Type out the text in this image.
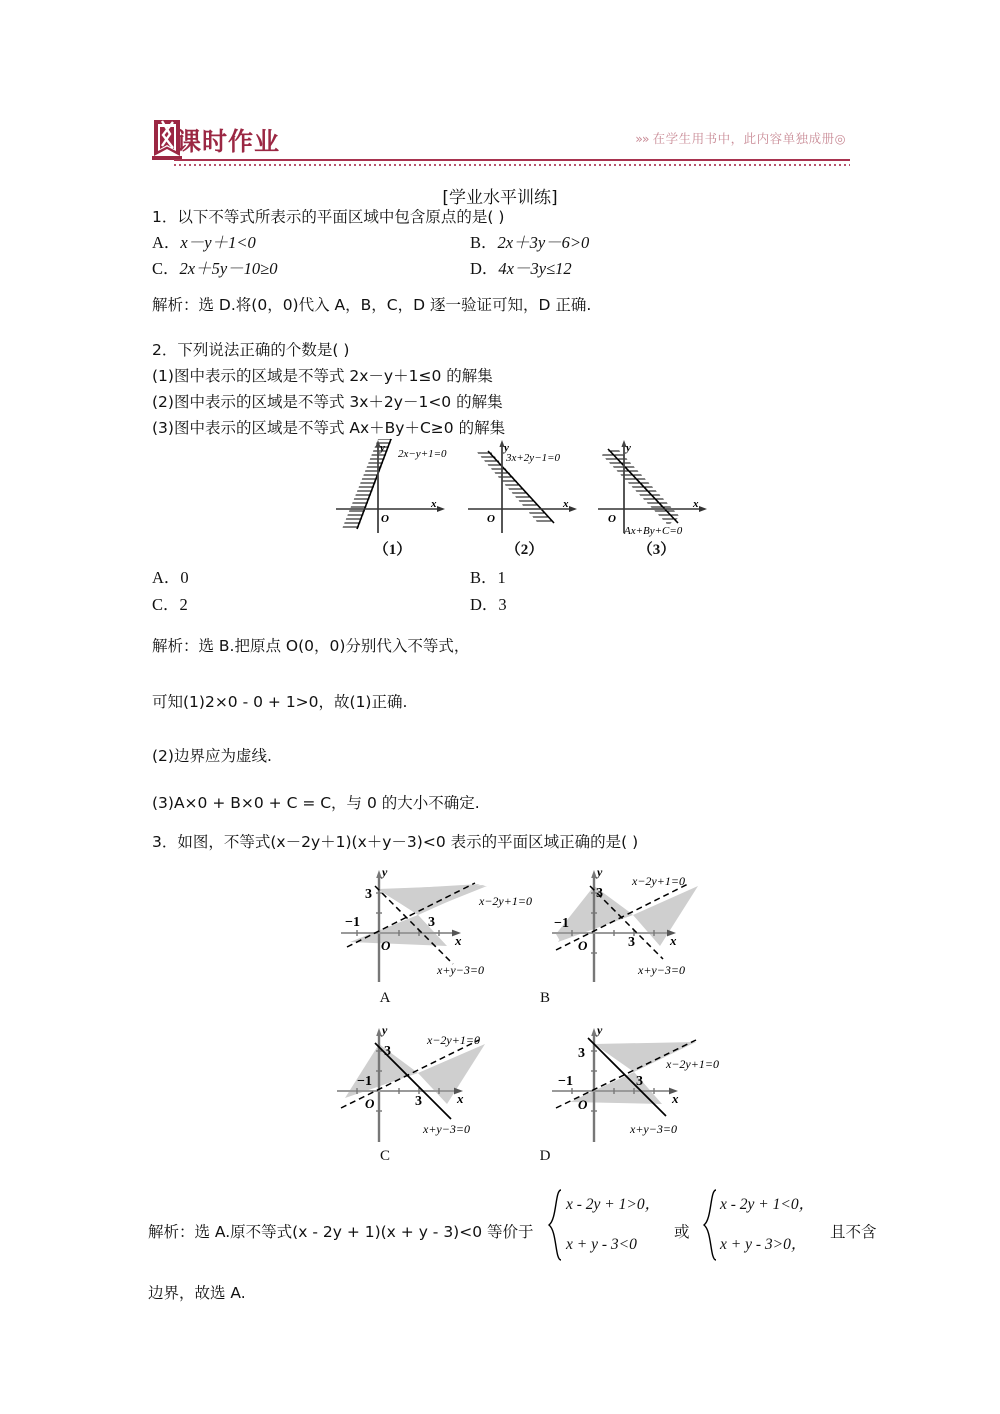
课时作业	»» 在学生用书中，此内容单独成册◎
[学业水平训练]
1．以下不等式所表示的平面区域中包含原点的是( )
A．x－y＋1<0	B．2x＋3y－6>0
C．2x＋5y－10≥0	D．4x－3y≤12
解析：选 D.将(0，0)代入 A，B，C，D 逐一验证可知，D 正确.
2．下列说法正确的个数是( )
(1)图中表示的区域是不等式 2x－y＋1≤0 的解集
(2)图中表示的区域是不等式 3x＋2y－1<0 的解集
(3)图中表示的区域是不等式 Ax＋By＋C≥0 的解集
y
x
O
2x−y+1=0
（1）
y
x
O
3x+2y−1=0
（2）
y
x
O
Ax+By+C=0
（3）
A．0	B．1
C．2	D．3
解析：选 B.把原点 O(0，0)分别代入不等式，
可知(1)2×0 - 0 + 1>0，故(1)正确.
(2)边界应为虚线.
(3)A×0 + B×0 + C = C，与 0 的大小不确定.
3．如图，不等式(x－2y＋1)(x＋y－3)<0 表示的平面区域正确的是( )
y
x
3
−1	3
O
x−2y+1=0
x+y−3=0
A
y
x
3
−1
3
O
x−2y+1=0
x+y−3=0
B
y
x
3
−1
3
O
x−2y+1=0
x+y−3=0
C
y
x
3
−1	3
O
x−2y+1=0
x+y−3=0
D
解析：选 A.原不等式(x - 2y + 1)(x + y - 3)<0 等价于
x - 2y + 1>0，
x + y - 3<0
或
x - 2y + 1<0，
x + y - 3>0，
且不含
边界，故选 A.
